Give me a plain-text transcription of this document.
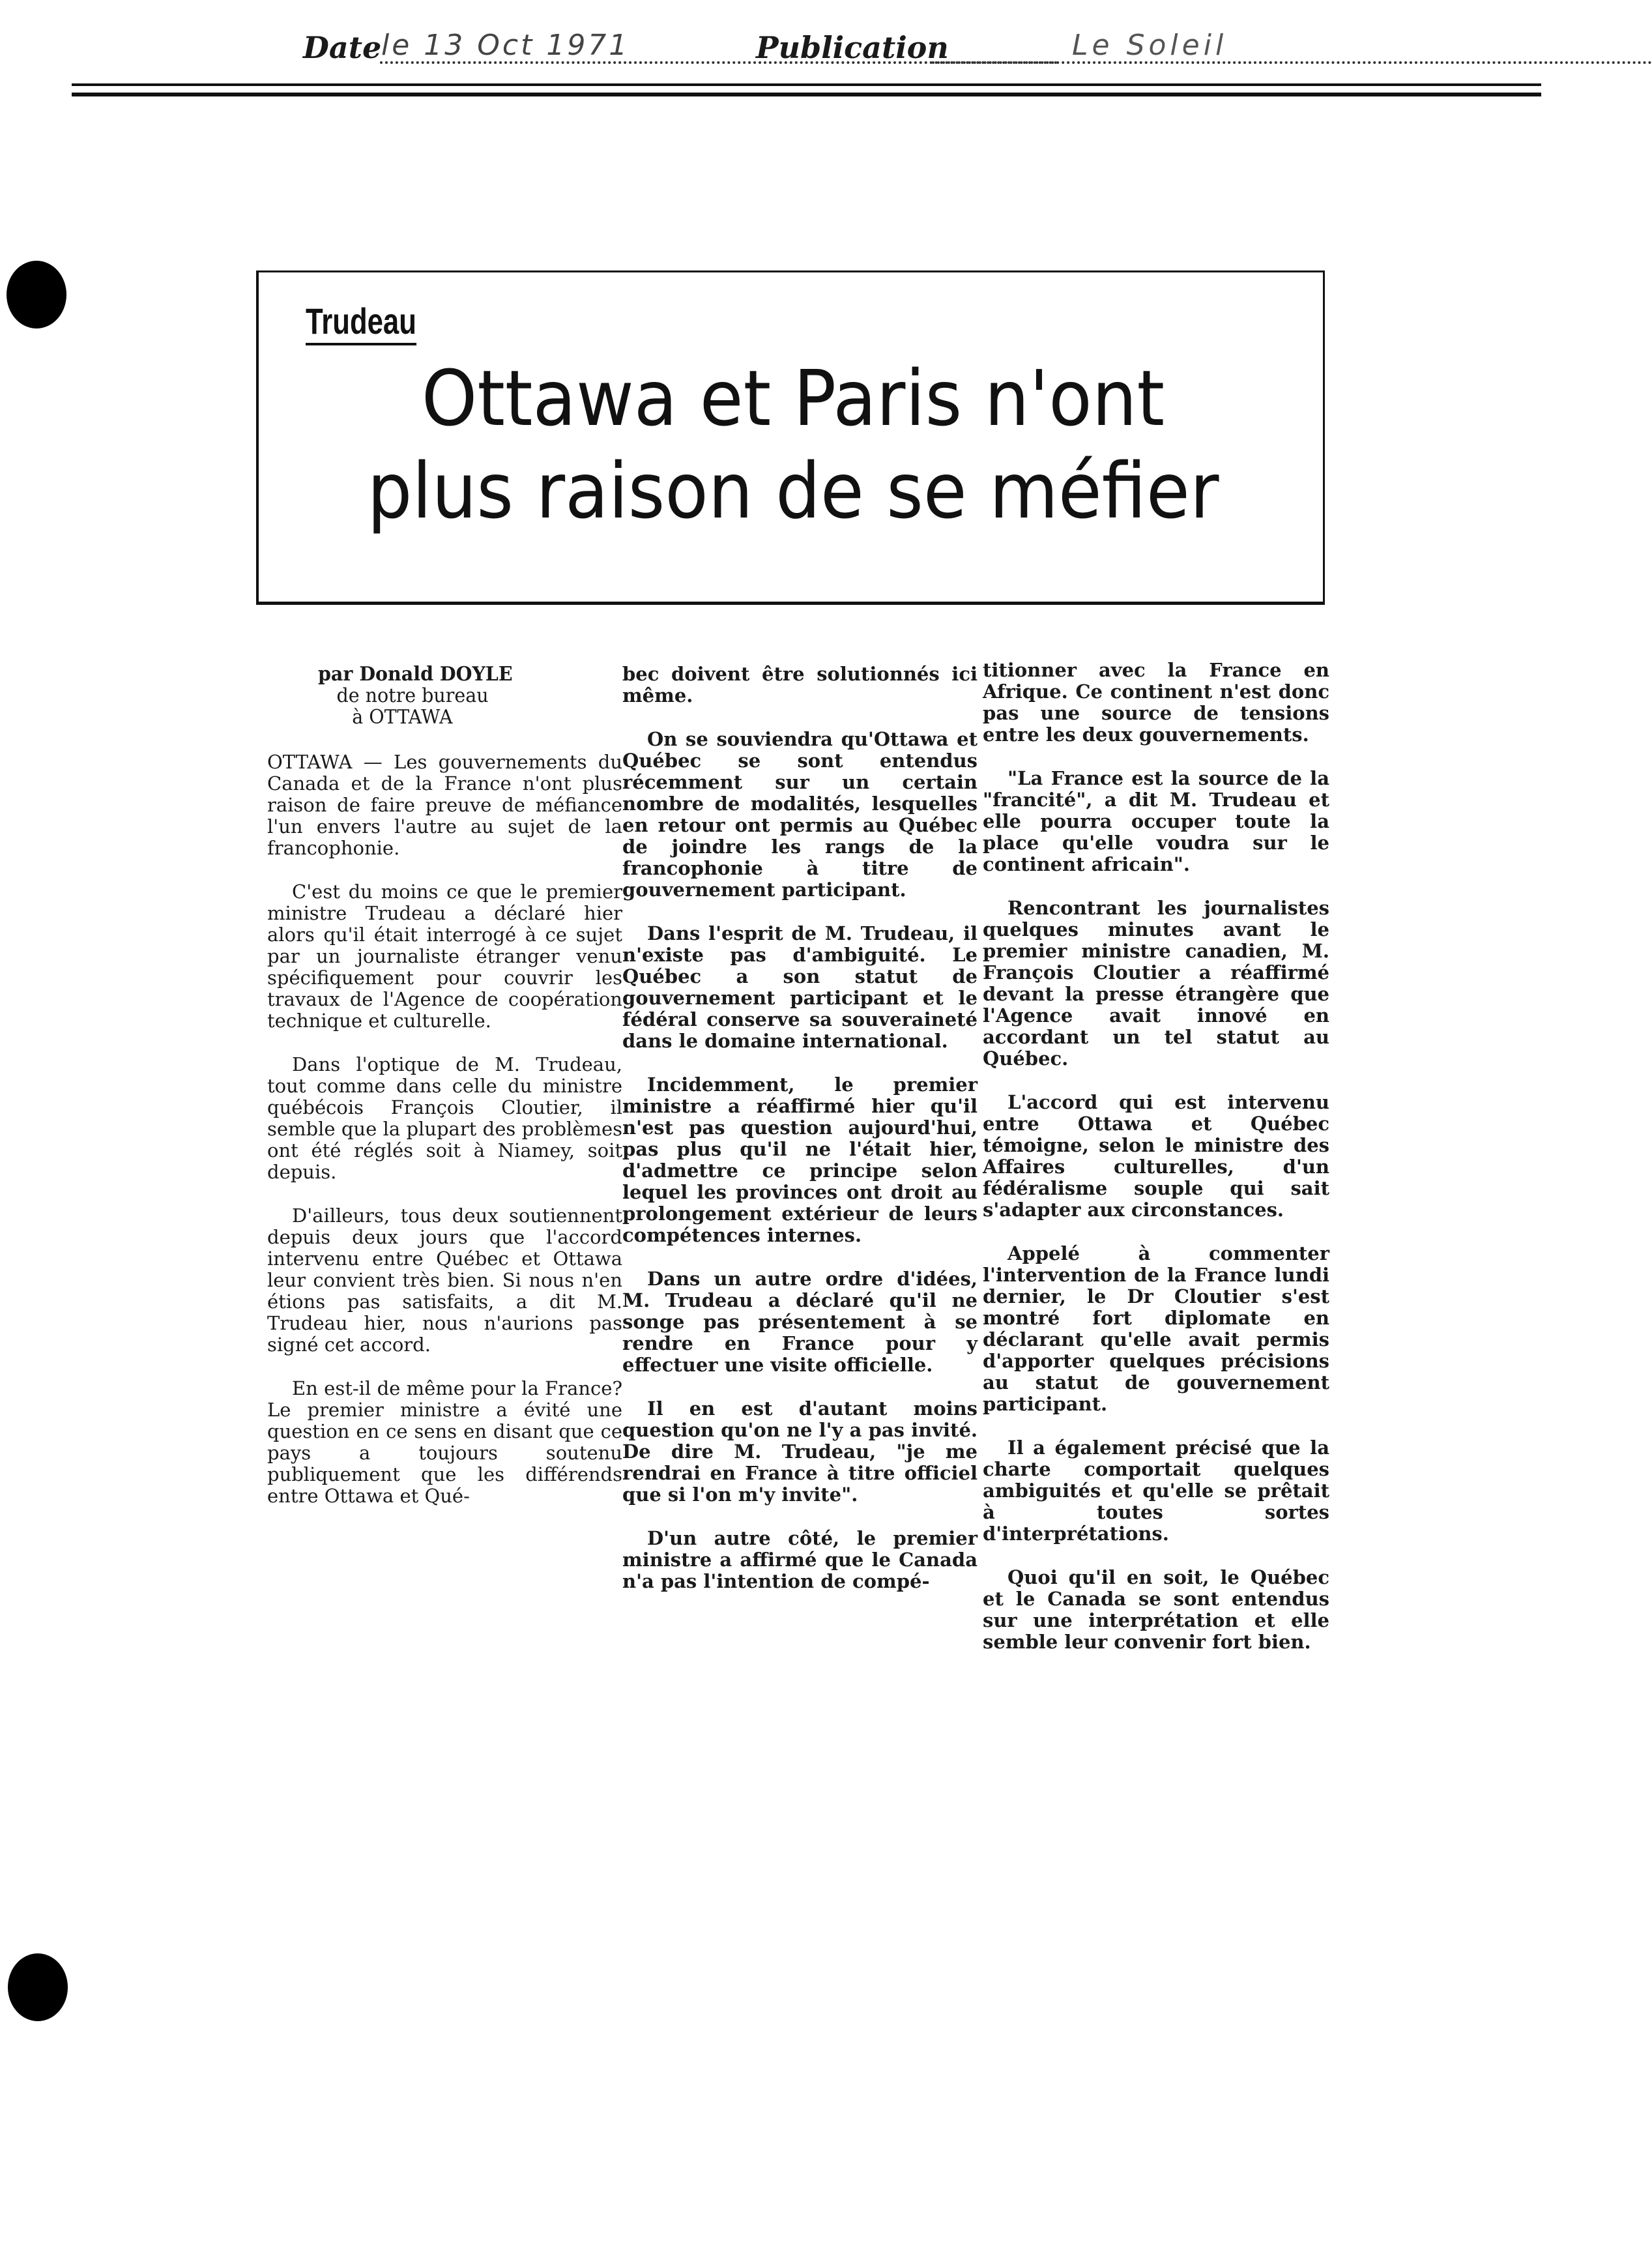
Date le 13 Oct 1971	Publication	Le Soleil
Trudeau
Ottawa et Paris n'ont
plus raison de se méfier
par Donald DOYLE
de notre bureau
à OTTAWA

OTTAWA — Les gouvernements du Canada et de la France n'ont plus raison de faire preuve de méfiance l'un envers l'autre au sujet de la francophonie.

C'est du moins ce que le premier ministre Trudeau a déclaré hier alors qu'il était interrogé à ce sujet par un journaliste étranger venu spécifiquement pour couvrir les travaux de l'Agence de coopération technique et culturelle.

Dans l'optique de M. Trudeau, tout comme dans celle du ministre québécois François Cloutier, il semble que la plupart des problèmes ont été réglés soit à Niamey, soit depuis.

D'ailleurs, tous deux soutiennent depuis deux jours que l'accord intervenu entre Québec et Ottawa leur convient très bien. Si nous n'en étions pas satisfaits, a dit M. Trudeau hier, nous n'aurions pas signé cet accord.

En est-il de même pour la France? Le premier ministre a évité une question en ce sens en disant que ce pays a toujours soutenu publiquement que les différends entre Ottawa et Qué-

bec doivent être solutionnés ici même.

On se souviendra qu'Ottawa et Québec se sont entendus récemment sur un certain nombre de modalités, lesquelles en retour ont permis au Québec de joindre les rangs de la francophonie à titre de gouvernement participant.

Dans l'esprit de M. Trudeau, il n'existe pas d'ambiguité. Le Québec a son statut de gouvernement participant et le fédéral conserve sa souveraineté dans le domaine international.

Incidemment, le premier ministre a réaffirmé hier qu'il n'est pas question aujourd'hui, pas plus qu'il ne l'était hier, d'admettre ce principe selon lequel les provinces ont droit au prolongement extérieur de leurs compétences internes.

Dans un autre ordre d'idées, M. Trudeau a déclaré qu'il ne songe pas présentement à se rendre en France pour y effectuer une visite officielle.

Il en est d'autant moins question qu'on ne l'y a pas invité. De dire M. Trudeau, "je me rendrai en France à titre officiel que si l'on m'y invite".

D'un autre côté, le premier ministre a affirmé que le Canada n'a pas l'intention de compé-

titionner avec la France en Afrique. Ce continent n'est donc pas une source de tensions entre les deux gouvernements.

"La France est la source de la "francité", a dit M. Trudeau et elle pourra occuper toute la place qu'elle voudra sur le continent africain".

Rencontrant les journalistes quelques minutes avant le premier ministre canadien, M. François Cloutier a réaffirmé devant la presse étrangère que l'Agence avait innové en accordant un tel statut au Québec.

L'accord qui est intervenu entre Ottawa et Québec témoigne, selon le ministre des Affaires culturelles, d'un fédéralisme souple qui sait s'adapter aux circonstances.

Appelé à commenter l'intervention de la France lundi dernier, le Dr Cloutier s'est montré fort diplomate en déclarant qu'elle avait permis d'apporter quelques précisions au statut de gouvernement participant.

Il a également précisé que la charte comportait quelques ambiguités et qu'elle se prêtait à toutes sortes d'interprétations.

Quoi qu'il en soit, le Québec et le Canada se sont entendus sur une interprétation et elle semble leur convenir fort bien.
